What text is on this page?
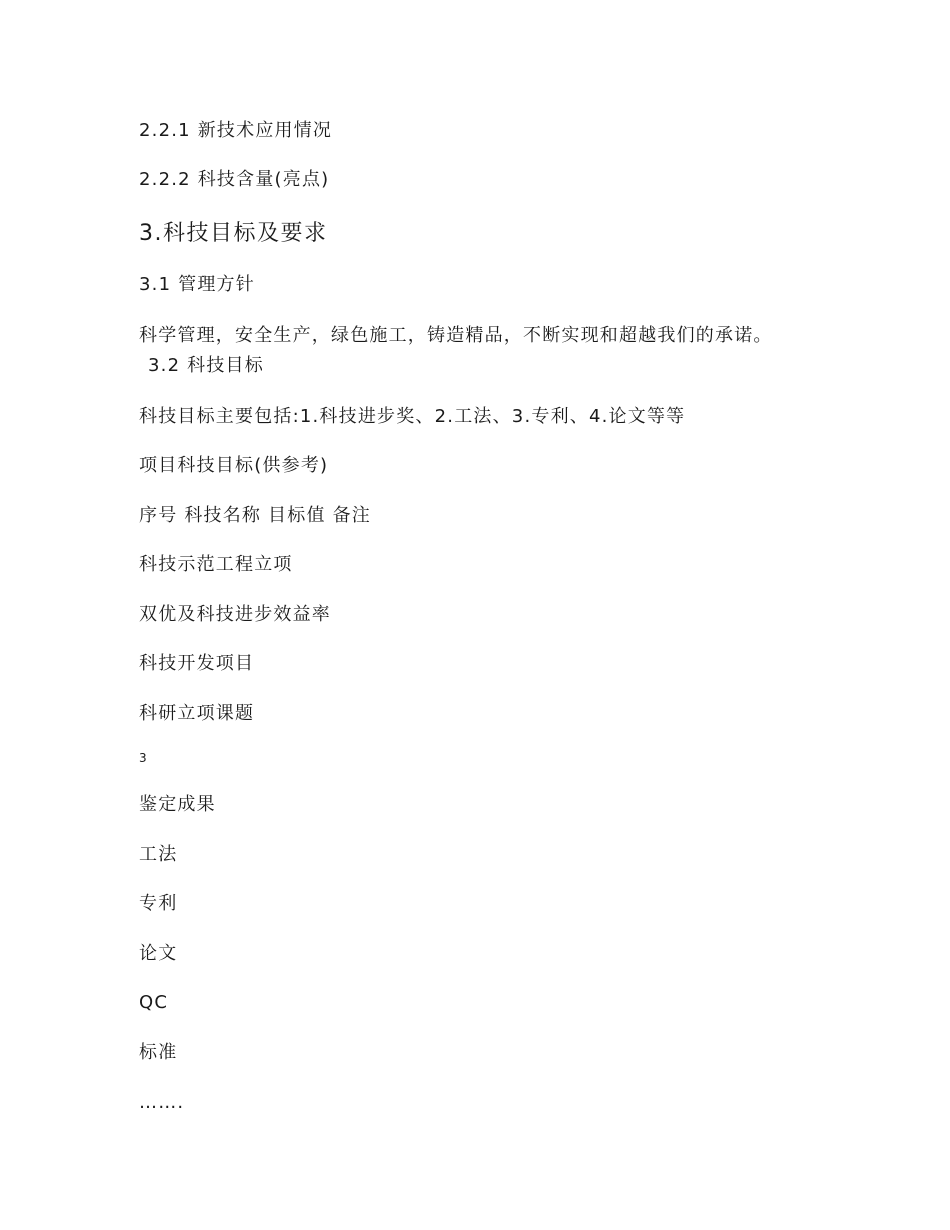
2.2.1 新技术应用情况
2.2.2 科技含量(亮点)
3.科技目标及要求
3.1 管理方针
科学管理，安全生产，绿色施工，铸造精品，不断实现和超越我们的承诺。
3.2 科技目标
科技目标主要包括:1.科技进步奖、2.工法、3.专利、4.论文等等
项目科技目标(供参考)
序号 科技名称 目标值 备注
科技示范工程立项
双优及科技进步效益率
科技开发项目
科研立项课题
3
鉴定成果
工法
专利
论文
QC
标准
…….
